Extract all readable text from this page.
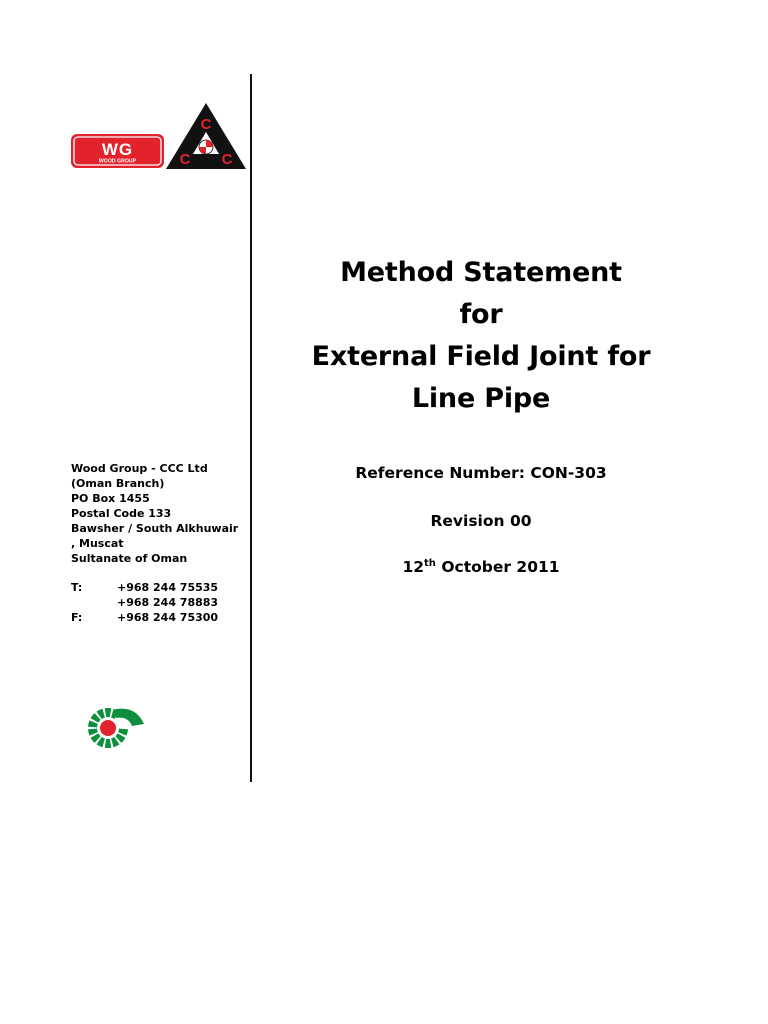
WG
WOOD GROUP
C
C C
Method Statement
for
External Field Joint for
Line Pipe
Reference Number: CON-303
Revision 00
12th October 2011
Wood Group - CCC Ltd (Oman Branch)
PO Box 1455
Postal Code 133
Bawsher / South Alkhuwair , Muscat
Sultanate of Oman
T:	+968 244 75535
+968 244 78883
F:	+968 244 75300
